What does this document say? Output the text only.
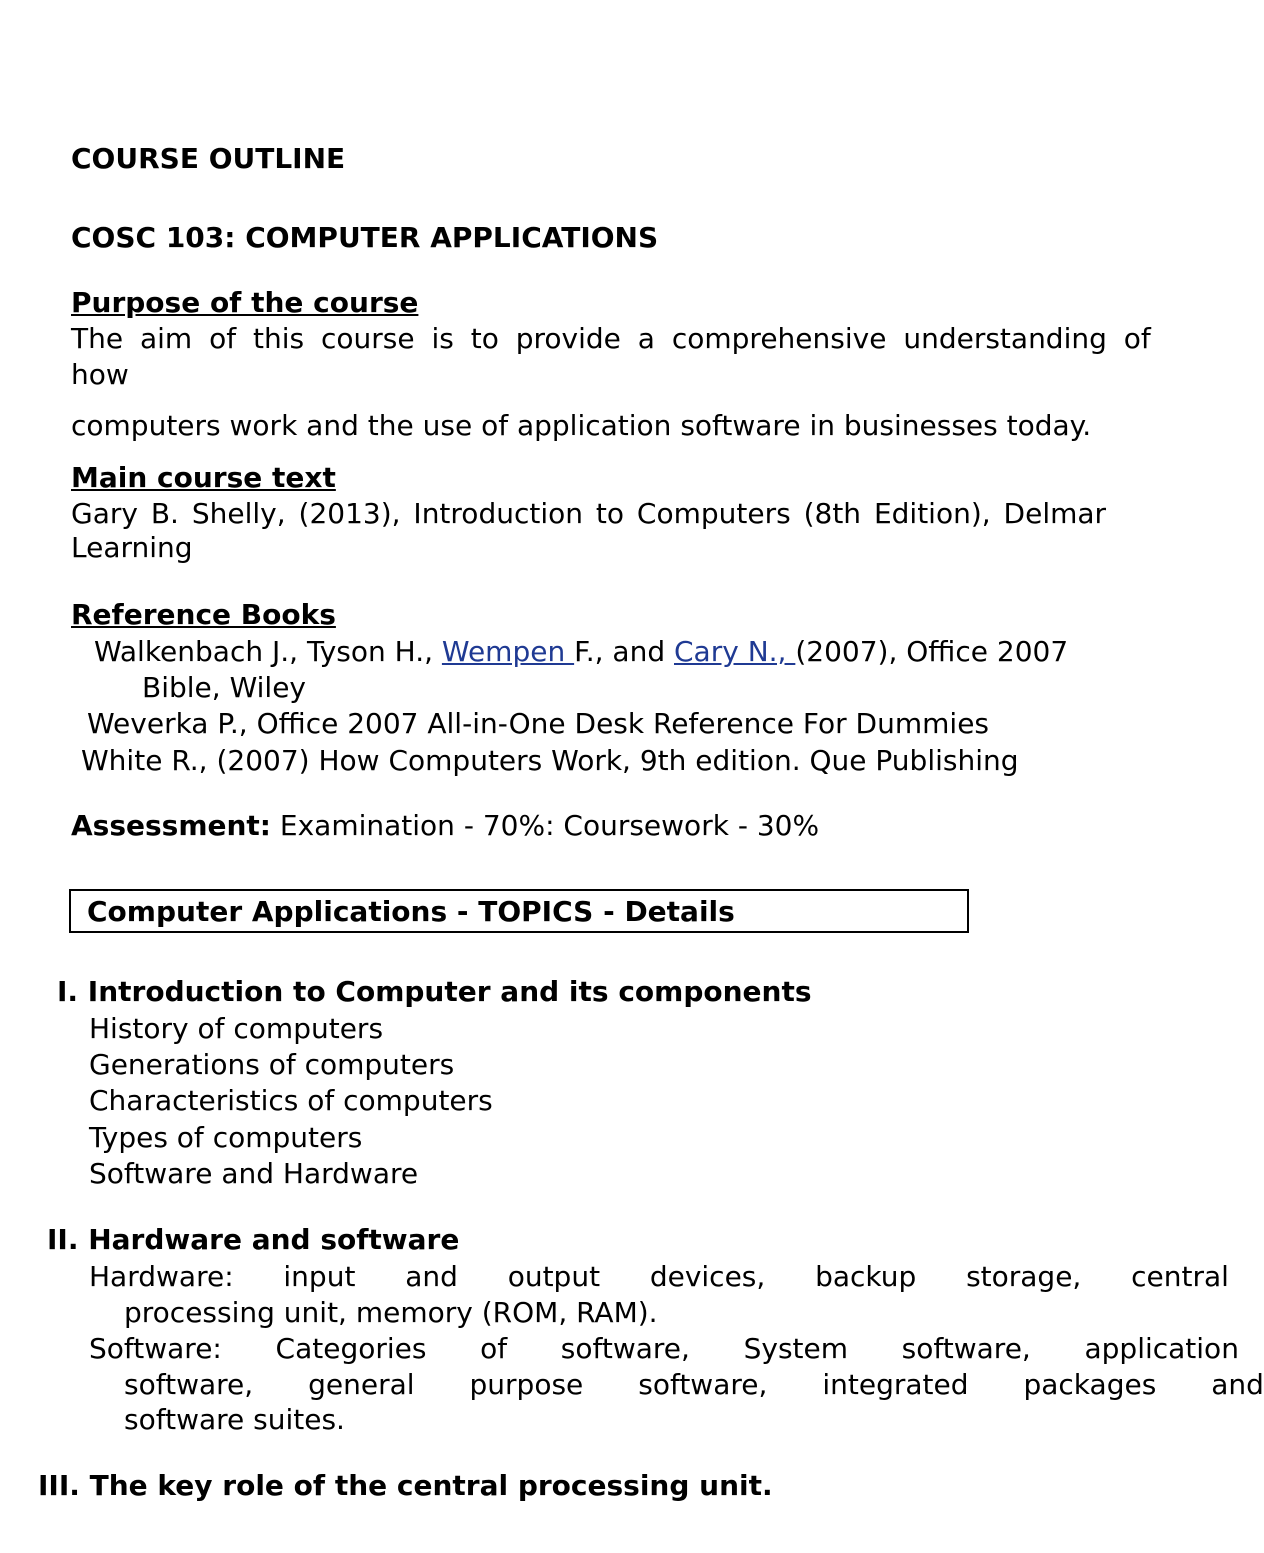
COURSE OUTLINE
COSC 103: COMPUTER APPLICATIONS
Purpose of the course
The aim of this course is to provide a comprehensive understanding of
how
computers work and the use of application software in businesses today.
Main course text
Gary B. Shelly, (2013), Introduction to Computers (8th Edition), Delmar
Learning
Reference Books
Walkenbach J., Tyson H., Wempen F., and Cary N., (2007), Office 2007
Bible, Wiley
Weverka P., Office 2007 All-in-One Desk Reference For Dummies
White R., (2007) How Computers Work, 9th edition. Que Publishing
Assessment: Examination - 70%: Coursework - 30%
Computer Applications - TOPICS - Details
I. Introduction to Computer and its components
History of computers
Generations of computers
Characteristics of computers
Types of computers
Software and Hardware
II. Hardware and software
Hardware: input and output devices, backup storage, central
processing unit, memory (ROM, RAM).
Software: Categories of software, System software, application
software, general purpose software, integrated packages and
software suites.
III. The key role of the central processing unit.
